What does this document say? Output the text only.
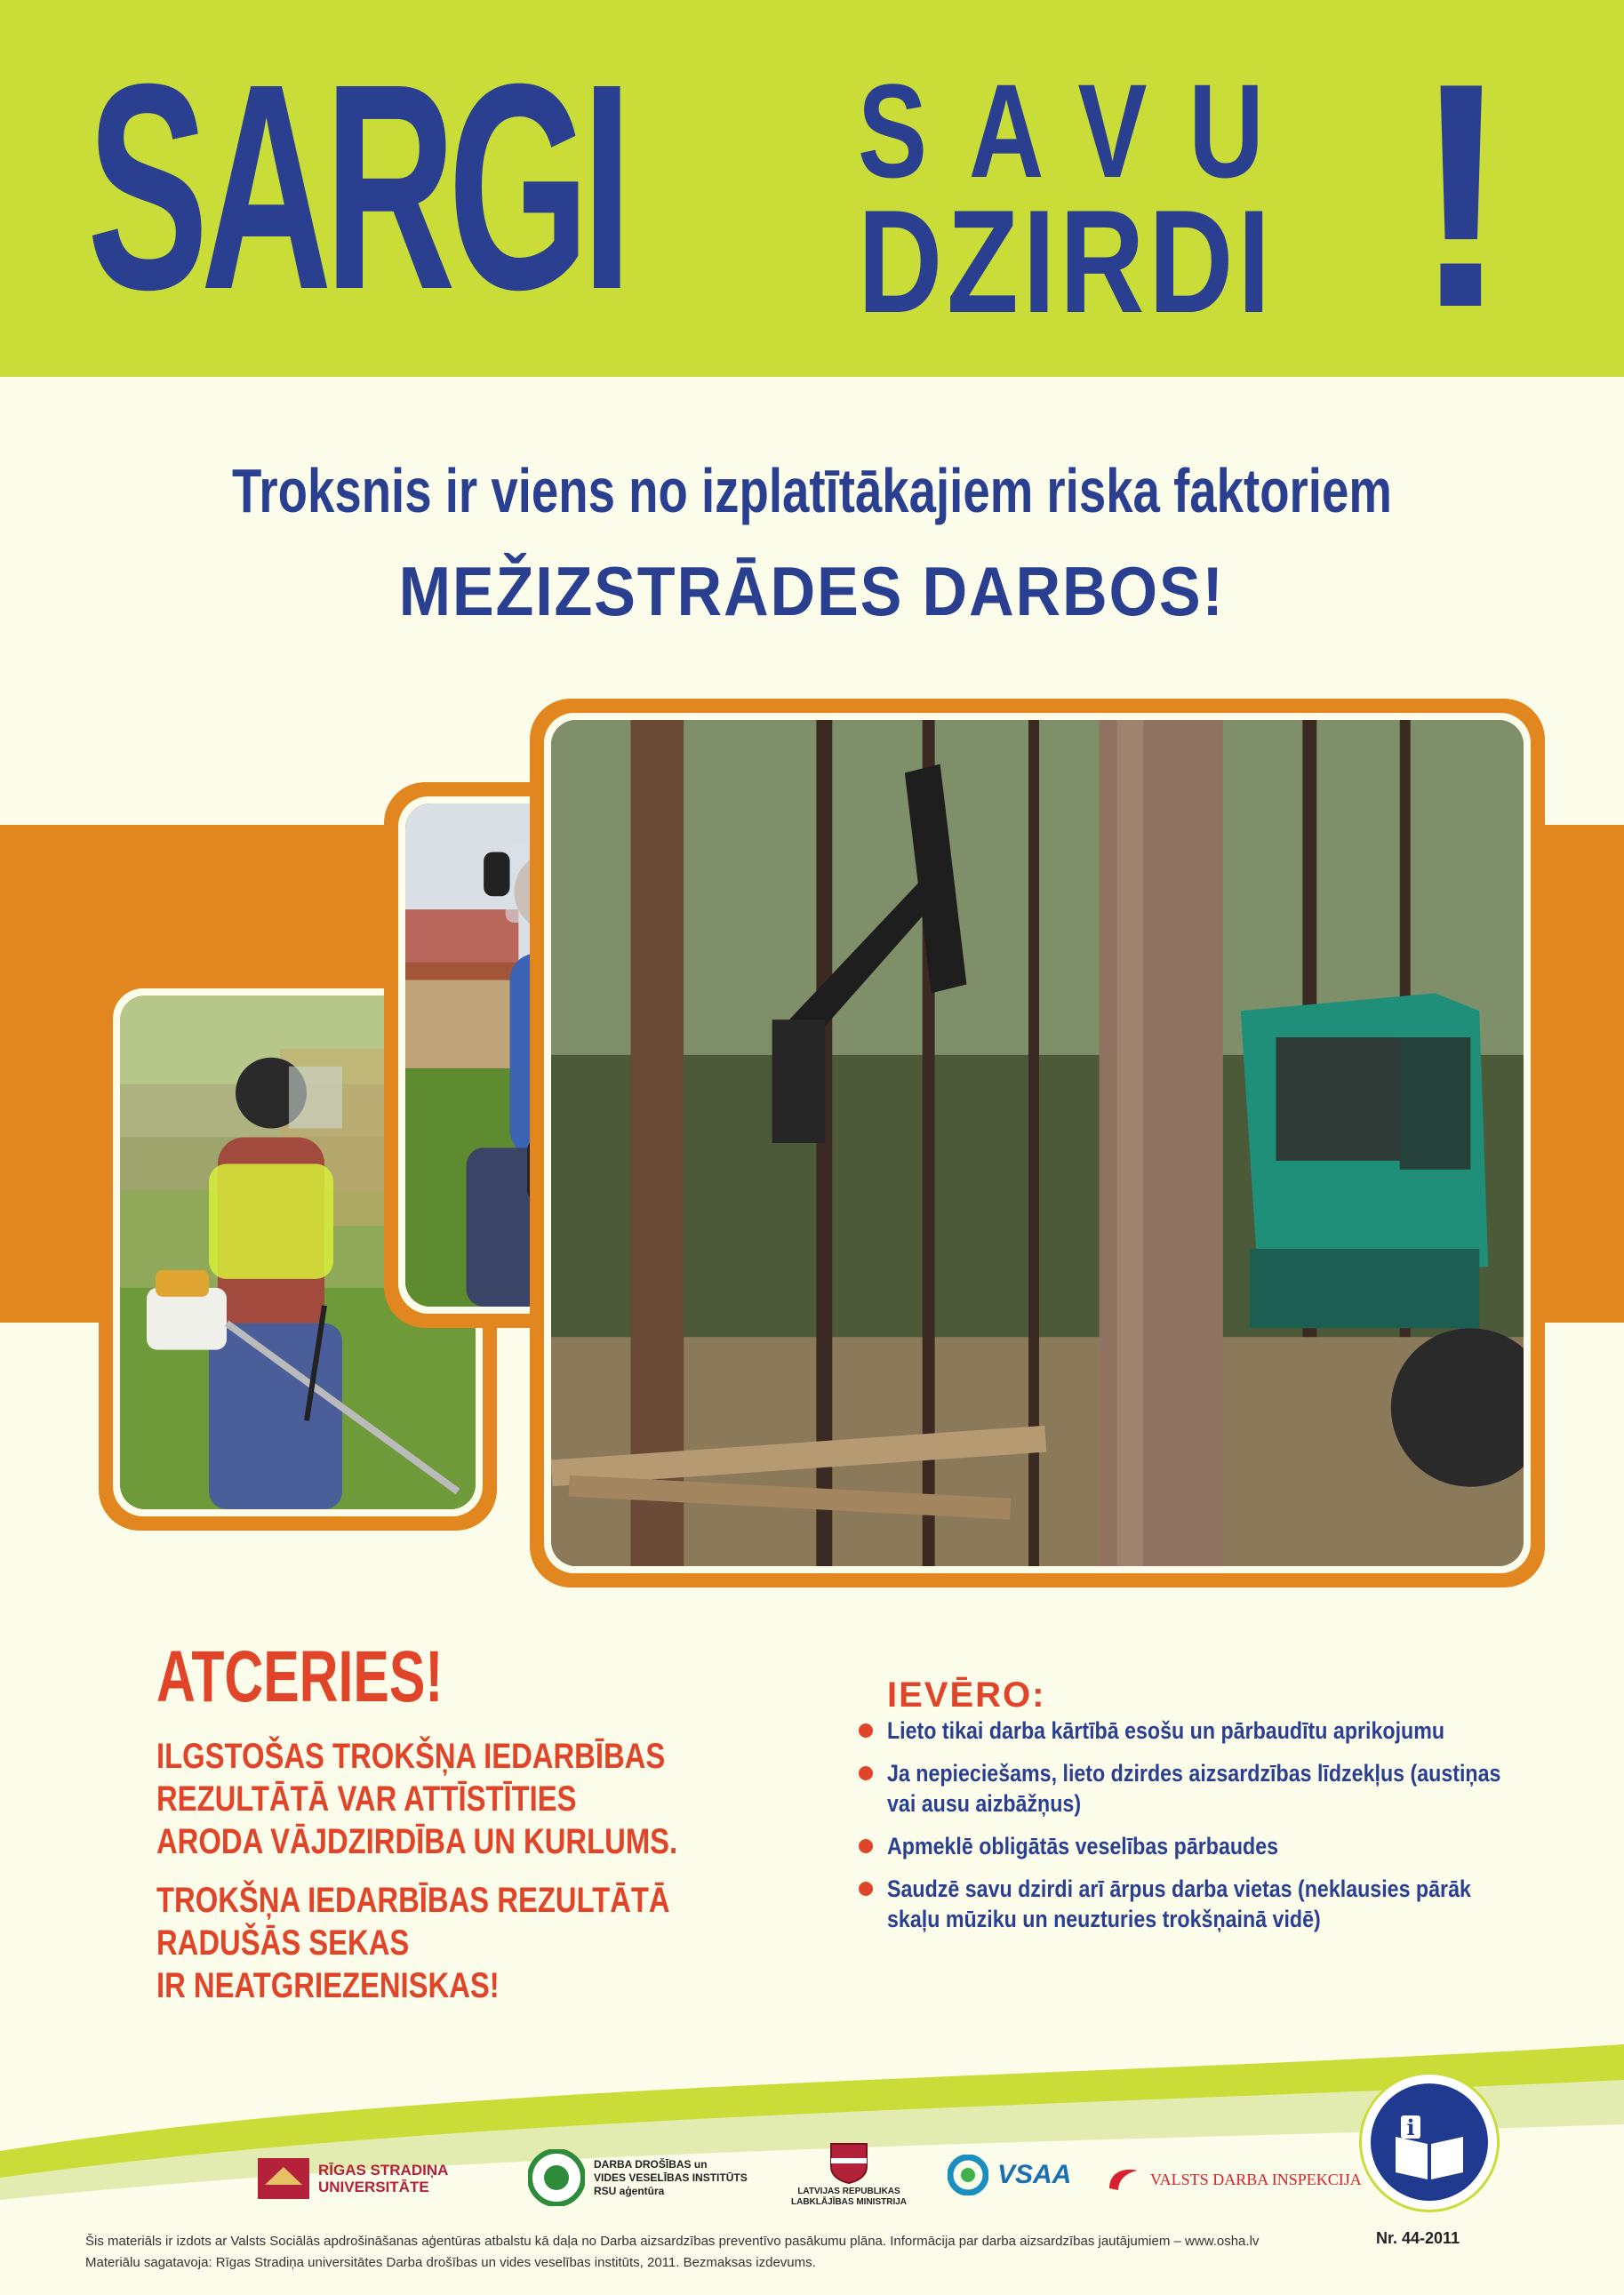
SARGI SAVU
DZIRDI !
Troksnis ir viens no izplatītākajiem riska faktoriem
MEŽIZSTRĀDES DARBOS!
ATCERIES!
ILGSTOŠAS TROKŠŅA IEDARBĪBAS
REZULTĀTĀ VAR ATTĪSTĪTIES
ARODA VĀJDZIRDĪBA UN KURLUMS.
TROKŠŅA IEDARBĪBAS REZULTĀTĀ
RADUŠĀS SEKAS
IR NEATGRIEZENISKAS!
IEVĒRO:
Lieto tikai darba kārtībā esošu un pārbaudītu aprikojumu
Ja nepieciešams, lieto dzirdes aizsardzības līdzekļus (austiņas vai ausu aizbāžņus)
Apmeklē obligātās veselības pārbaudes
Saudzē savu dzirdi arī ārpus darba vietas (neklausies pārāk skaļu mūziku un neuzturies trokšņainā vidē)
i
RĪGAS STRADIŅA
UNIVERSITĀTE
DARBA DROŠĪBAS un
VIDES VESELĪBAS INSTITŪTS
RSU aģentūra	LATVIJAS REPUBLIKAS
LABKLĀJĪBAS MINISTRIJA
VSAA	VALSTS DARBA INSPEKCIJA
Šis materiāls ir izdots ar Valsts Sociālās apdrošināšanas aģentūras atbalstu kā daļa no Darba aizsardzības preventīvo pasākumu plāna. Informācija par darba aizsardzības jautājumiem – www.osha.lv
Materiālu sagatavoja: Rīgas Stradiņa universitātes Darba drošības un vides veselības institūts, 2011. Bezmaksas izdevums.
Nr. 44-2011
